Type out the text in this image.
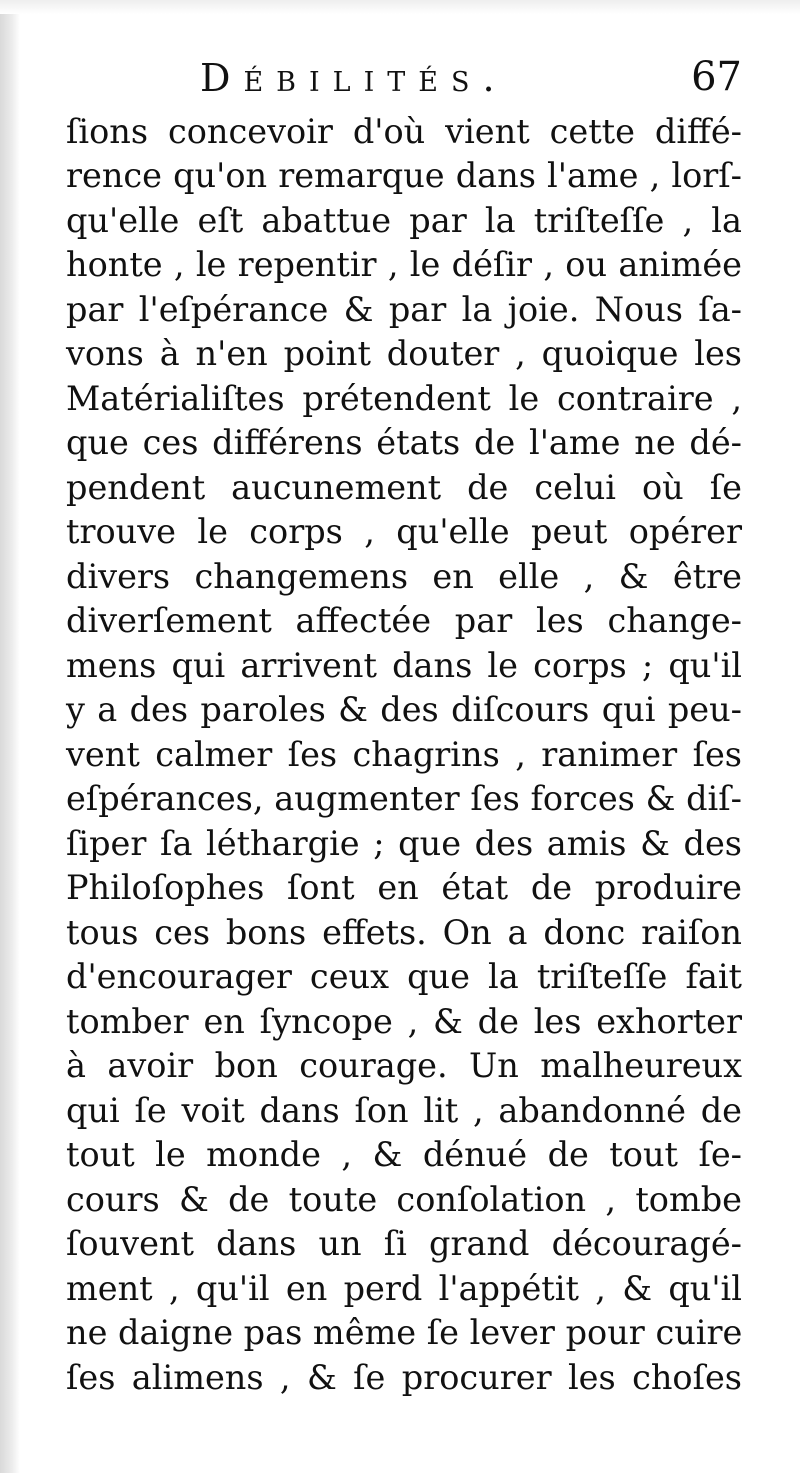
Débilités.	67
ſions concevoir d'où vient cette diffé-
rence qu'on remarque dans l'ame , lorſ-
qu'elle eſt abattue par la triſteſſe , la
honte , le repentir , le déſir , ou animée
par l'eſpérance & par la joie. Nous ſa-
vons à n'en point douter , quoique les
Matérialiſtes prétendent le contraire ,
que ces différens états de l'ame ne dé-
pendent aucunement de celui où ſe
trouve le corps , qu'elle peut opérer
divers changemens en elle , & être
diverſement affectée par les change-
mens qui arrivent dans le corps ; qu'il
y a des paroles & des diſcours qui peu-
vent calmer ſes chagrins , ranimer ſes
eſpérances, augmenter ſes forces & diſ-
ſiper ſa léthargie ; que des amis & des
Philoſophes ſont en état de produire
tous ces bons effets. On a donc raiſon
d'encourager ceux que la triſteſſe fait
tomber en ſyncope , & de les exhorter
à avoir bon courage. Un malheureux
qui ſe voit dans ſon lit , abandonné de
tout le monde , & dénué de tout ſe-
cours & de toute conſolation , tombe
ſouvent dans un ſi grand découragé-
ment , qu'il en perd l'appétit , & qu'il
ne daigne pas même ſe lever pour cuire
ſes alimens , & ſe procurer les choſes
